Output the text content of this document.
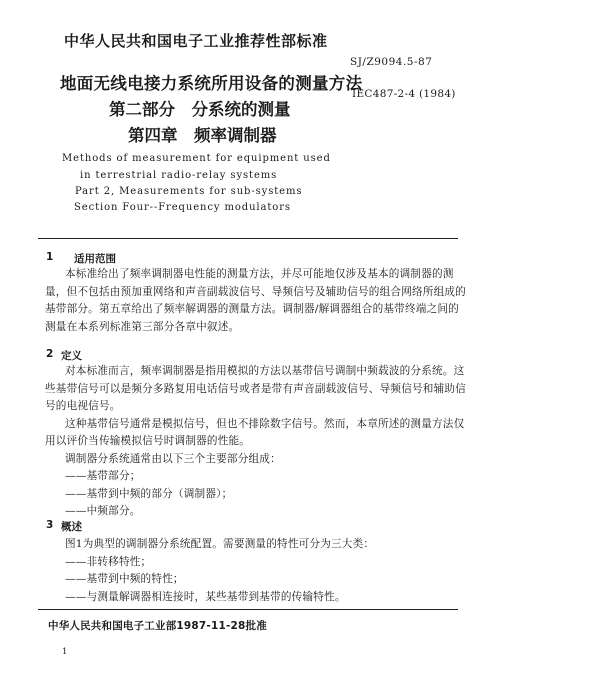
中华人民共和国电子工业推荐性部标准
SJ/Z9094.5-87
IEC487-2-4 (1984)
地面无线电接力系统所用设备的测量方法
第二部分　分系统的测量
第四章　频率调制器
Methods of measurement for equipment used
in terrestrial radio-relay systems
Part 2, Measurements for sub-systems
Section Four--Frequency modulators
1 适用范围

本标准给出了频率调制器电性能的测量方法，并尽可能地仅涉及基本的调制器的测

量，但不包括由预加重网络和声音副载波信号、导频信号及辅助信号的组合网络所组成的

基带部分。第五章给出了频率解调器的测量方法。调制器/解调器组合的基带终端之间的

测量在本系列标准第三部分各章中叙述。

2 定义

对本标准而言，频率调制器是指用模拟的方法以基带信号调制中频载波的分系统。这

些基带信号可以是频分多路复用电话信号或者是带有声音副载波信号、导频信号和辅助信

号的电视信号。

这种基带信号通常是模拟信号，但也不排除数字信号。然而，本章所述的测量方法仅

用以评价当传输模拟信号时调制器的性能。

调制器分系统通常由以下三个主要部分组成：

——基带部分；

——基带到中频的部分（调制器）；

——中频部分。

3 概述

图1为典型的调制器分系统配置。需要测量的特性可分为三大类：

——非转移特性；

——基带到中频的特性；

——与测量解调器相连接时，某些基带到基带的传输特性。

中华人民共和国电子工业部1987-11-28批准
1
